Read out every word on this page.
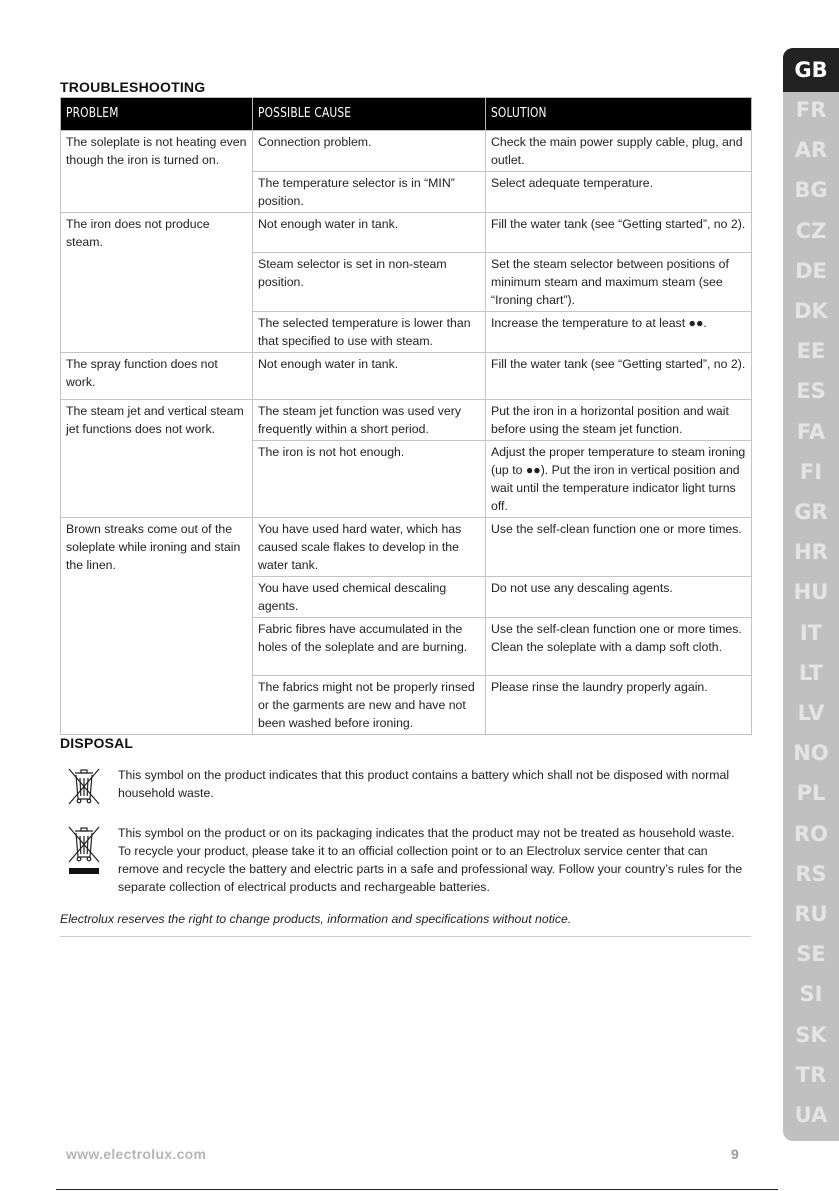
TROUBLESHOOTING
PROBLEM	POSSIBLE CAUSE	SOLUTION
The soleplate is not heating even though the iron is turned on.	Connection problem.	Check the main power supply cable, plug, and outlet.
	The temperature selector is in “MIN” position.	Select adequate temperature.
The iron does not produce steam.	Not enough water in tank.	Fill the water tank (see “Getting started”, no 2).
	Steam selector is set in non-steam position.	Set the steam selector between positions of minimum steam and maximum steam (see “Ironing chart”).
	The selected temperature is lower than that specified to use with steam.	Increase the temperature to at least ●●.
The spray function does not work.	Not enough water in tank.	Fill the water tank (see “Getting started”, no 2).
The steam jet and vertical steam jet functions does not work.	The steam jet function was used very frequently within a short period.	Put the iron in a horizontal position and wait before using the steam jet function.
	The iron is not hot enough.	Adjust the proper temperature to steam ironing (up to ●●). Put the iron in vertical position and wait until the temperature indicator light turns off.
Brown streaks come out of the soleplate while ironing and stain the linen.	You have used hard water, which has caused scale flakes to develop in the water tank.	Use the self-clean function one or more times.
	You have used chemical descaling agents.	Do not use any descaling agents.
	Fabric fibres have accumulated in the holes of the soleplate and are burning.	Use the self-clean function one or more times. Clean the soleplate with a damp soft cloth.
	The fabrics might not be properly rinsed or the garments are new and have not been washed before ironing.	Please rinse the laundry properly again.
DISPOSAL
This symbol on the product indicates that this product contains a battery which shall not be disposed with normal household waste.
This symbol on the product or on its packaging indicates that the product may not be treated as household waste. To recycle your product, please take it to an official collection point or to an Electrolux service center that can remove and recycle the battery and electric parts in a safe and professional way. Follow your country’s rules for the separate collection of electrical products and rechargeable batteries.
Electrolux reserves the right to change products, information and specifications without notice.
GB
FR
AR
BG
CZ
DE
DK
EE
ES
FA
FI
GR
HR
HU
IT
LT
LV
NO
PL
RO
RS
RU
SE
SI
SK
TR
UA
www.electrolux.com	9
